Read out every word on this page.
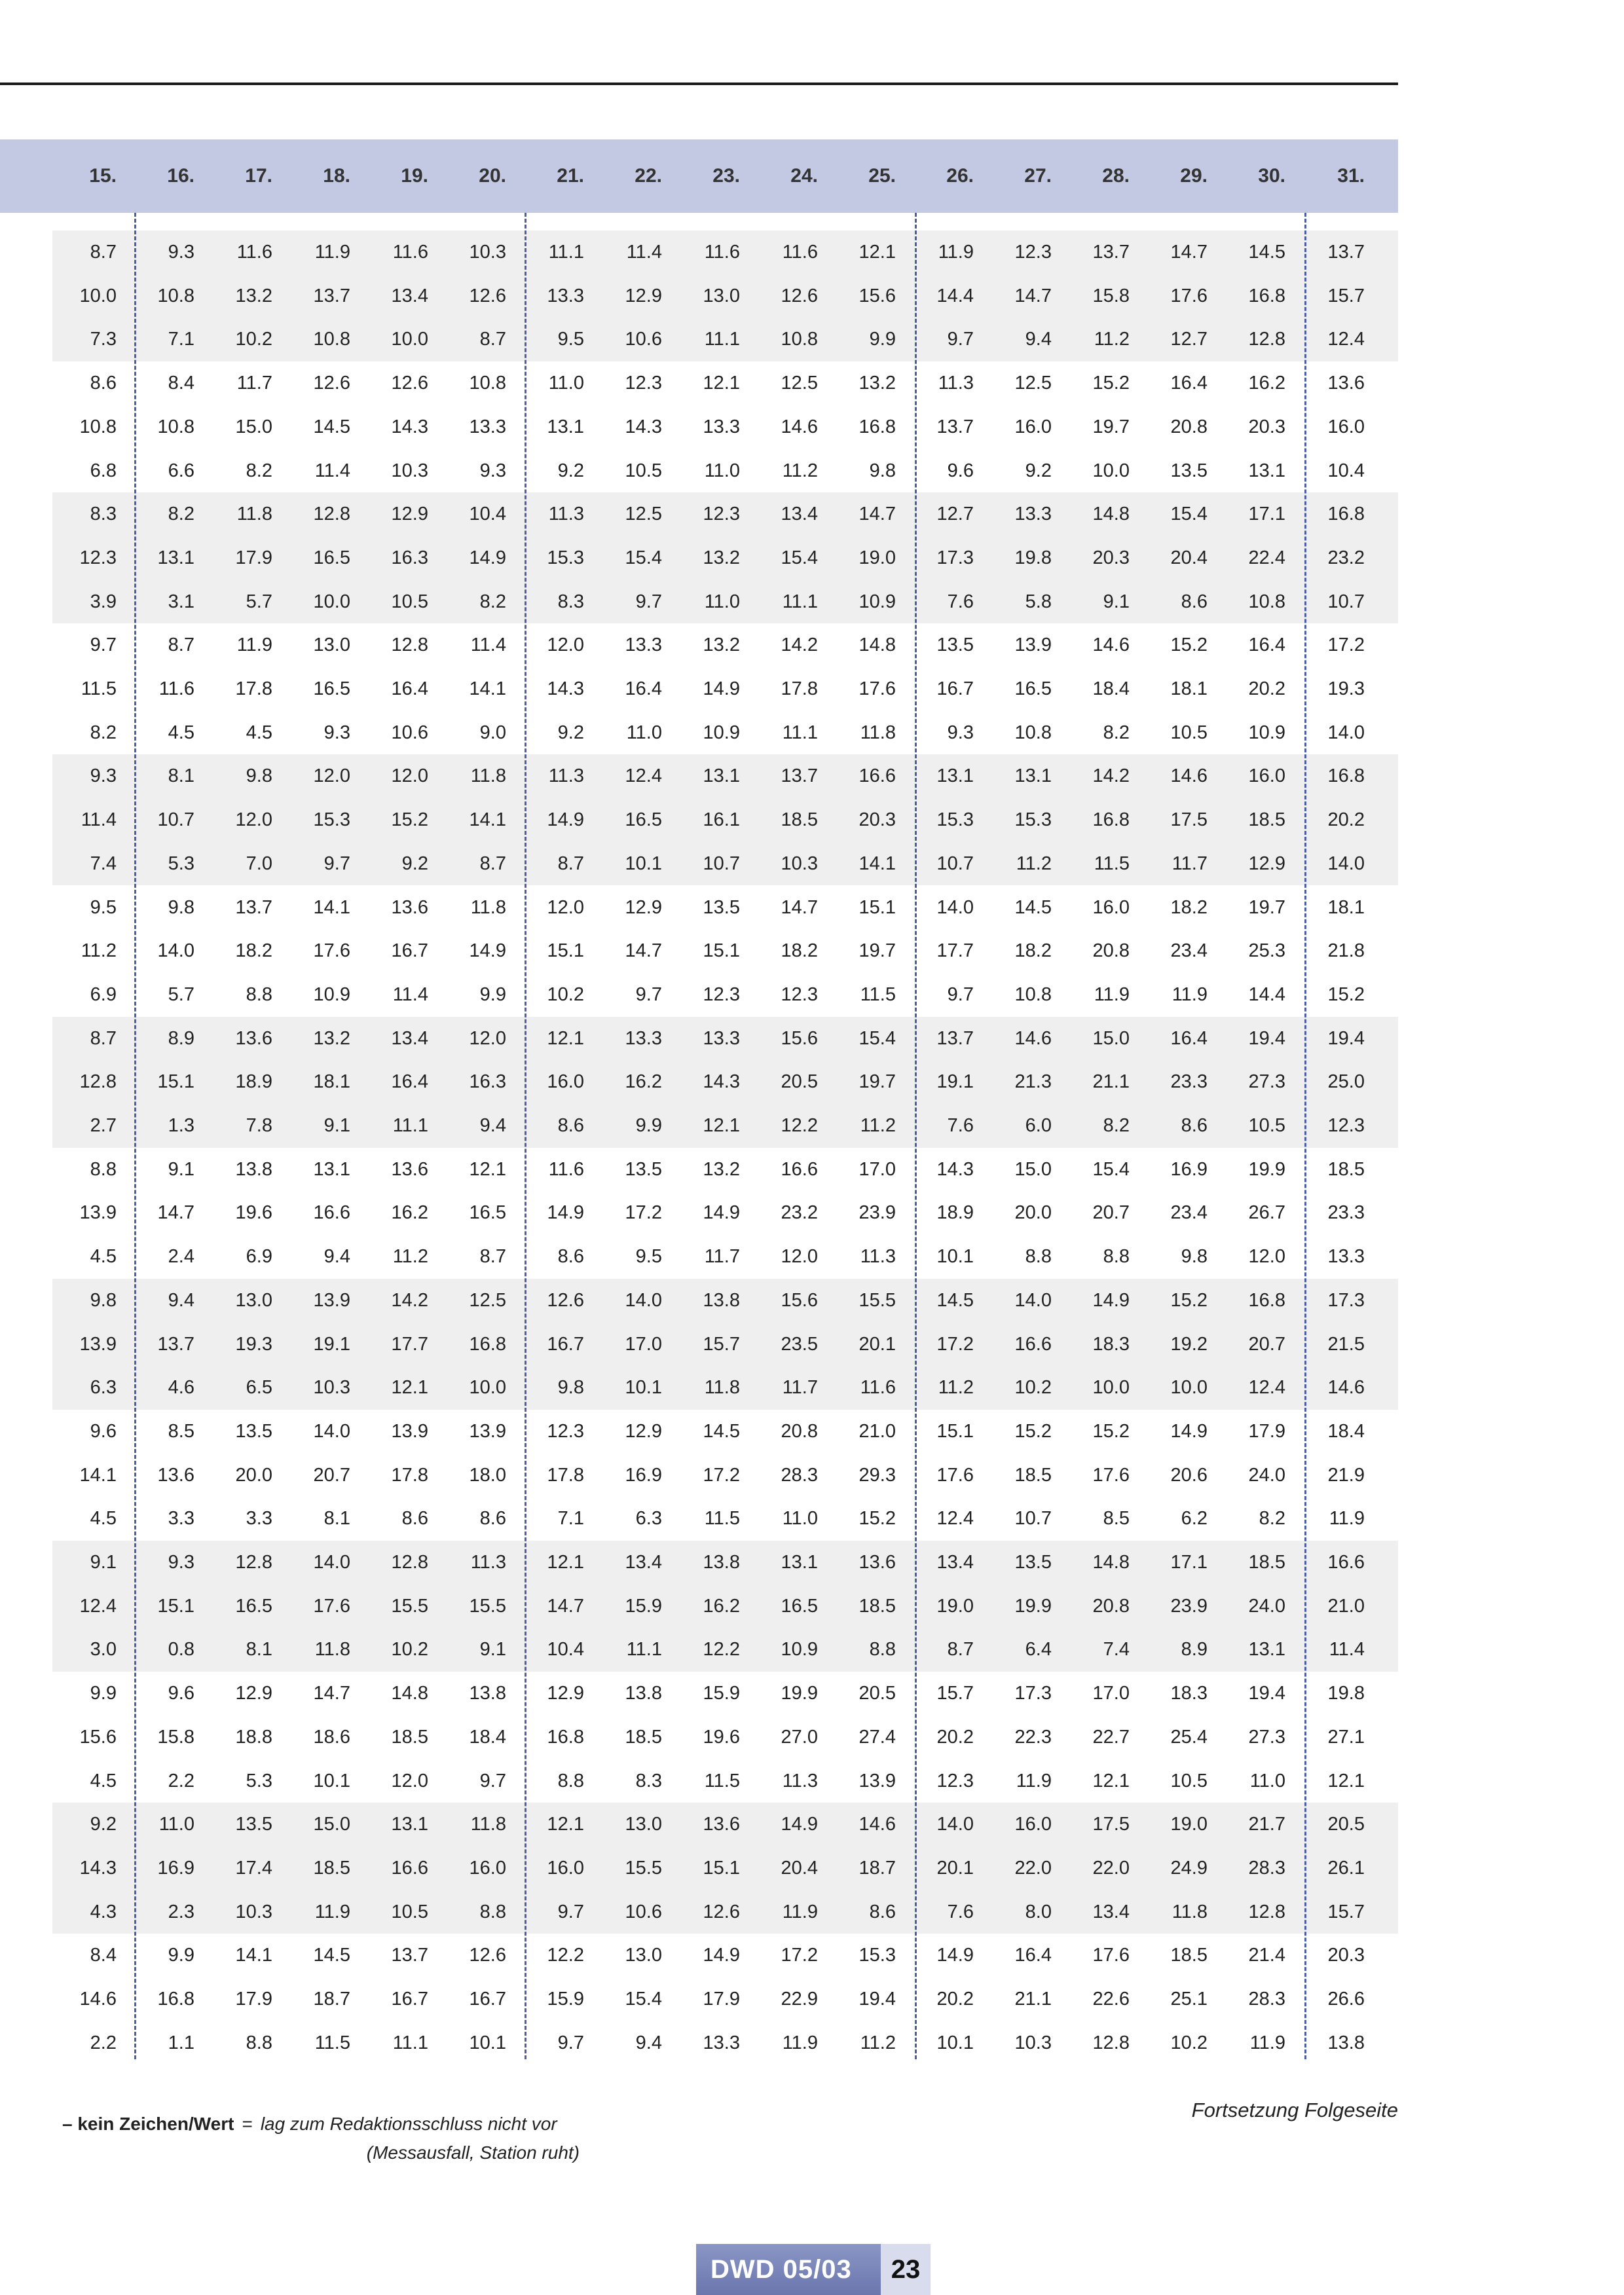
15.	16.	17.	18.	19.	20.	21.	22.	23.	24.	25.	26.	27.	28.	29.	30.	31.
8.7	9.3	11.6	11.9	11.6	10.3	11.1	11.4	11.6	11.6	12.1	11.9	12.3	13.7	14.7	14.5	13.7
10.0	10.8	13.2	13.7	13.4	12.6	13.3	12.9	13.0	12.6	15.6	14.4	14.7	15.8	17.6	16.8	15.7
7.3	7.1	10.2	10.8	10.0	8.7	9.5	10.6	11.1	10.8	9.9	9.7	9.4	11.2	12.7	12.8	12.4
8.6	8.4	11.7	12.6	12.6	10.8	11.0	12.3	12.1	12.5	13.2	11.3	12.5	15.2	16.4	16.2	13.6
10.8	10.8	15.0	14.5	14.3	13.3	13.1	14.3	13.3	14.6	16.8	13.7	16.0	19.7	20.8	20.3	16.0
6.8	6.6	8.2	11.4	10.3	9.3	9.2	10.5	11.0	11.2	9.8	9.6	9.2	10.0	13.5	13.1	10.4
8.3	8.2	11.8	12.8	12.9	10.4	11.3	12.5	12.3	13.4	14.7	12.7	13.3	14.8	15.4	17.1	16.8
12.3	13.1	17.9	16.5	16.3	14.9	15.3	15.4	13.2	15.4	19.0	17.3	19.8	20.3	20.4	22.4	23.2
3.9	3.1	5.7	10.0	10.5	8.2	8.3	9.7	11.0	11.1	10.9	7.6	5.8	9.1	8.6	10.8	10.7
9.7	8.7	11.9	13.0	12.8	11.4	12.0	13.3	13.2	14.2	14.8	13.5	13.9	14.6	15.2	16.4	17.2
11.5	11.6	17.8	16.5	16.4	14.1	14.3	16.4	14.9	17.8	17.6	16.7	16.5	18.4	18.1	20.2	19.3
8.2	4.5	4.5	9.3	10.6	9.0	9.2	11.0	10.9	11.1	11.8	9.3	10.8	8.2	10.5	10.9	14.0
9.3	8.1	9.8	12.0	12.0	11.8	11.3	12.4	13.1	13.7	16.6	13.1	13.1	14.2	14.6	16.0	16.8
11.4	10.7	12.0	15.3	15.2	14.1	14.9	16.5	16.1	18.5	20.3	15.3	15.3	16.8	17.5	18.5	20.2
7.4	5.3	7.0	9.7	9.2	8.7	8.7	10.1	10.7	10.3	14.1	10.7	11.2	11.5	11.7	12.9	14.0
9.5	9.8	13.7	14.1	13.6	11.8	12.0	12.9	13.5	14.7	15.1	14.0	14.5	16.0	18.2	19.7	18.1
11.2	14.0	18.2	17.6	16.7	14.9	15.1	14.7	15.1	18.2	19.7	17.7	18.2	20.8	23.4	25.3	21.8
6.9	5.7	8.8	10.9	11.4	9.9	10.2	9.7	12.3	12.3	11.5	9.7	10.8	11.9	11.9	14.4	15.2
8.7	8.9	13.6	13.2	13.4	12.0	12.1	13.3	13.3	15.6	15.4	13.7	14.6	15.0	16.4	19.4	19.4
12.8	15.1	18.9	18.1	16.4	16.3	16.0	16.2	14.3	20.5	19.7	19.1	21.3	21.1	23.3	27.3	25.0
2.7	1.3	7.8	9.1	11.1	9.4	8.6	9.9	12.1	12.2	11.2	7.6	6.0	8.2	8.6	10.5	12.3
8.8	9.1	13.8	13.1	13.6	12.1	11.6	13.5	13.2	16.6	17.0	14.3	15.0	15.4	16.9	19.9	18.5
13.9	14.7	19.6	16.6	16.2	16.5	14.9	17.2	14.9	23.2	23.9	18.9	20.0	20.7	23.4	26.7	23.3
4.5	2.4	6.9	9.4	11.2	8.7	8.6	9.5	11.7	12.0	11.3	10.1	8.8	8.8	9.8	12.0	13.3
9.8	9.4	13.0	13.9	14.2	12.5	12.6	14.0	13.8	15.6	15.5	14.5	14.0	14.9	15.2	16.8	17.3
13.9	13.7	19.3	19.1	17.7	16.8	16.7	17.0	15.7	23.5	20.1	17.2	16.6	18.3	19.2	20.7	21.5
6.3	4.6	6.5	10.3	12.1	10.0	9.8	10.1	11.8	11.7	11.6	11.2	10.2	10.0	10.0	12.4	14.6
9.6	8.5	13.5	14.0	13.9	13.9	12.3	12.9	14.5	20.8	21.0	15.1	15.2	15.2	14.9	17.9	18.4
14.1	13.6	20.0	20.7	17.8	18.0	17.8	16.9	17.2	28.3	29.3	17.6	18.5	17.6	20.6	24.0	21.9
4.5	3.3	3.3	8.1	8.6	8.6	7.1	6.3	11.5	11.0	15.2	12.4	10.7	8.5	6.2	8.2	11.9
9.1	9.3	12.8	14.0	12.8	11.3	12.1	13.4	13.8	13.1	13.6	13.4	13.5	14.8	17.1	18.5	16.6
12.4	15.1	16.5	17.6	15.5	15.5	14.7	15.9	16.2	16.5	18.5	19.0	19.9	20.8	23.9	24.0	21.0
3.0	0.8	8.1	11.8	10.2	9.1	10.4	11.1	12.2	10.9	8.8	8.7	6.4	7.4	8.9	13.1	11.4
9.9	9.6	12.9	14.7	14.8	13.8	12.9	13.8	15.9	19.9	20.5	15.7	17.3	17.0	18.3	19.4	19.8
15.6	15.8	18.8	18.6	18.5	18.4	16.8	18.5	19.6	27.0	27.4	20.2	22.3	22.7	25.4	27.3	27.1
4.5	2.2	5.3	10.1	12.0	9.7	8.8	8.3	11.5	11.3	13.9	12.3	11.9	12.1	10.5	11.0	12.1
9.2	11.0	13.5	15.0	13.1	11.8	12.1	13.0	13.6	14.9	14.6	14.0	16.0	17.5	19.0	21.7	20.5
14.3	16.9	17.4	18.5	16.6	16.0	16.0	15.5	15.1	20.4	18.7	20.1	22.0	22.0	24.9	28.3	26.1
4.3	2.3	10.3	11.9	10.5	8.8	9.7	10.6	12.6	11.9	8.6	7.6	8.0	13.4	11.8	12.8	15.7
8.4	9.9	14.1	14.5	13.7	12.6	12.2	13.0	14.9	17.2	15.3	14.9	16.4	17.6	18.5	21.4	20.3
14.6	16.8	17.9	18.7	16.7	16.7	15.9	15.4	17.9	22.9	19.4	20.2	21.1	22.6	25.1	28.3	26.6
2.2	1.1	8.8	11.5	11.1	10.1	9.7	9.4	13.3	11.9	11.2	10.1	10.3	12.8	10.2	11.9	13.8
– kein Zeichen/Wert = lag zum Redaktionsschluss nicht vor
(Messausfall, Station ruht)
Fortsetzung Folgeseite
DWD 05/03	23
